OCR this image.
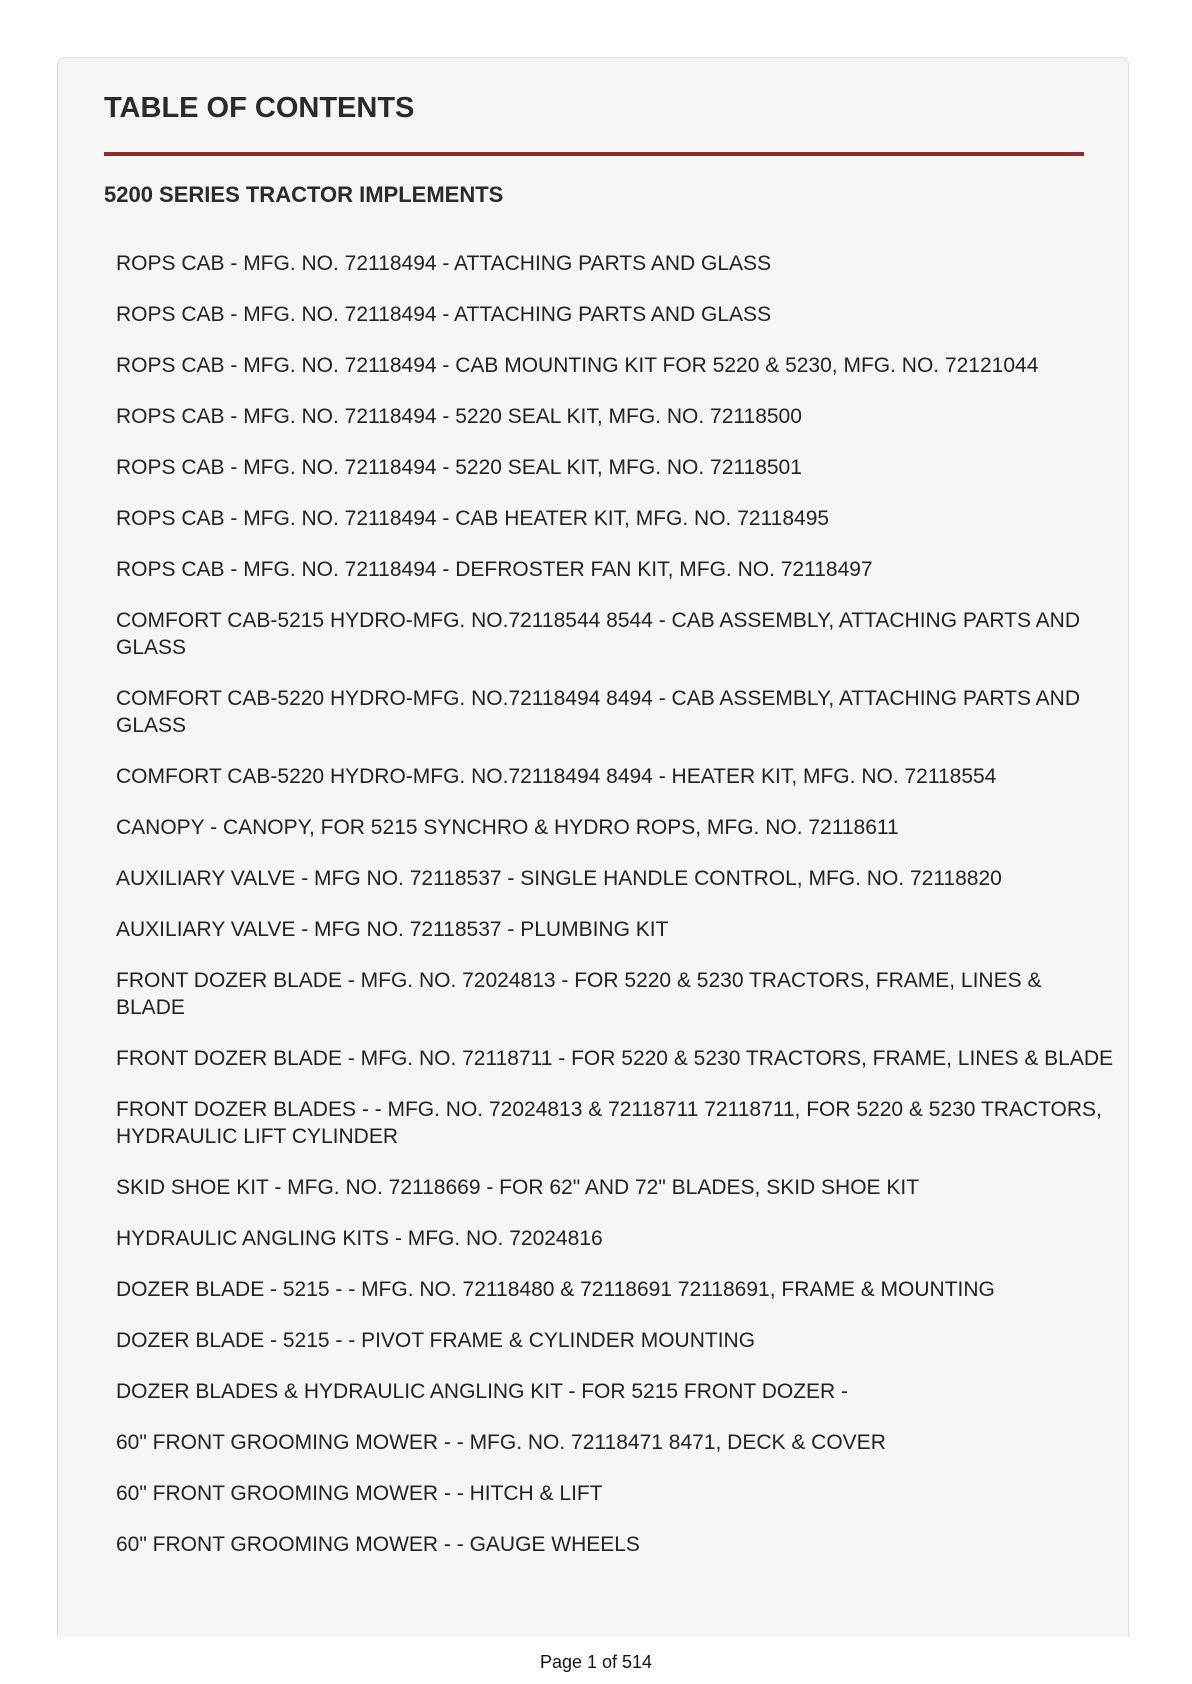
TABLE OF CONTENTS
5200 SERIES TRACTOR IMPLEMENTS
ROPS CAB - MFG. NO. 72118494 - ATTACHING PARTS AND GLASS
ROPS CAB - MFG. NO. 72118494 - ATTACHING PARTS AND GLASS
ROPS CAB - MFG. NO. 72118494 - CAB MOUNTING KIT FOR 5220 & 5230, MFG. NO. 72121044
ROPS CAB - MFG. NO. 72118494 - 5220 SEAL KIT, MFG. NO. 72118500
ROPS CAB - MFG. NO. 72118494 - 5220 SEAL KIT, MFG. NO. 72118501
ROPS CAB - MFG. NO. 72118494 - CAB HEATER KIT, MFG. NO. 72118495
ROPS CAB - MFG. NO. 72118494 - DEFROSTER FAN KIT, MFG. NO. 72118497
COMFORT CAB-5215 HYDRO-MFG. NO.72118544 8544 - CAB ASSEMBLY, ATTACHING PARTS AND GLASS
COMFORT CAB-5220 HYDRO-MFG. NO.72118494 8494 - CAB ASSEMBLY, ATTACHING PARTS AND GLASS
COMFORT CAB-5220 HYDRO-MFG. NO.72118494 8494 - HEATER KIT, MFG. NO. 72118554
CANOPY - CANOPY, FOR 5215 SYNCHRO & HYDRO ROPS, MFG. NO. 72118611
AUXILIARY VALVE - MFG NO. 72118537 - SINGLE HANDLE CONTROL, MFG. NO. 72118820
AUXILIARY VALVE - MFG NO. 72118537 - PLUMBING KIT
FRONT DOZER BLADE - MFG. NO. 72024813 - FOR 5220 & 5230 TRACTORS, FRAME, LINES & BLADE
FRONT DOZER BLADE - MFG. NO. 72118711 - FOR 5220 & 5230 TRACTORS, FRAME, LINES & BLADE
FRONT DOZER BLADES - - MFG. NO. 72024813 & 72118711 72118711, FOR 5220 & 5230 TRACTORS, HYDRAULIC LIFT CYLINDER
SKID SHOE KIT - MFG. NO. 72118669 - FOR 62" AND 72" BLADES, SKID SHOE KIT
HYDRAULIC ANGLING KITS - MFG. NO. 72024816
DOZER BLADE - 5215 - - MFG. NO. 72118480 & 72118691 72118691, FRAME & MOUNTING
DOZER BLADE - 5215 - - PIVOT FRAME & CYLINDER MOUNTING
DOZER BLADES & HYDRAULIC ANGLING KIT - FOR 5215 FRONT DOZER -
60" FRONT GROOMING MOWER - - MFG. NO. 72118471 8471, DECK & COVER
60" FRONT GROOMING MOWER - - HITCH & LIFT
60" FRONT GROOMING MOWER - - GAUGE WHEELS
Page 1 of 514
